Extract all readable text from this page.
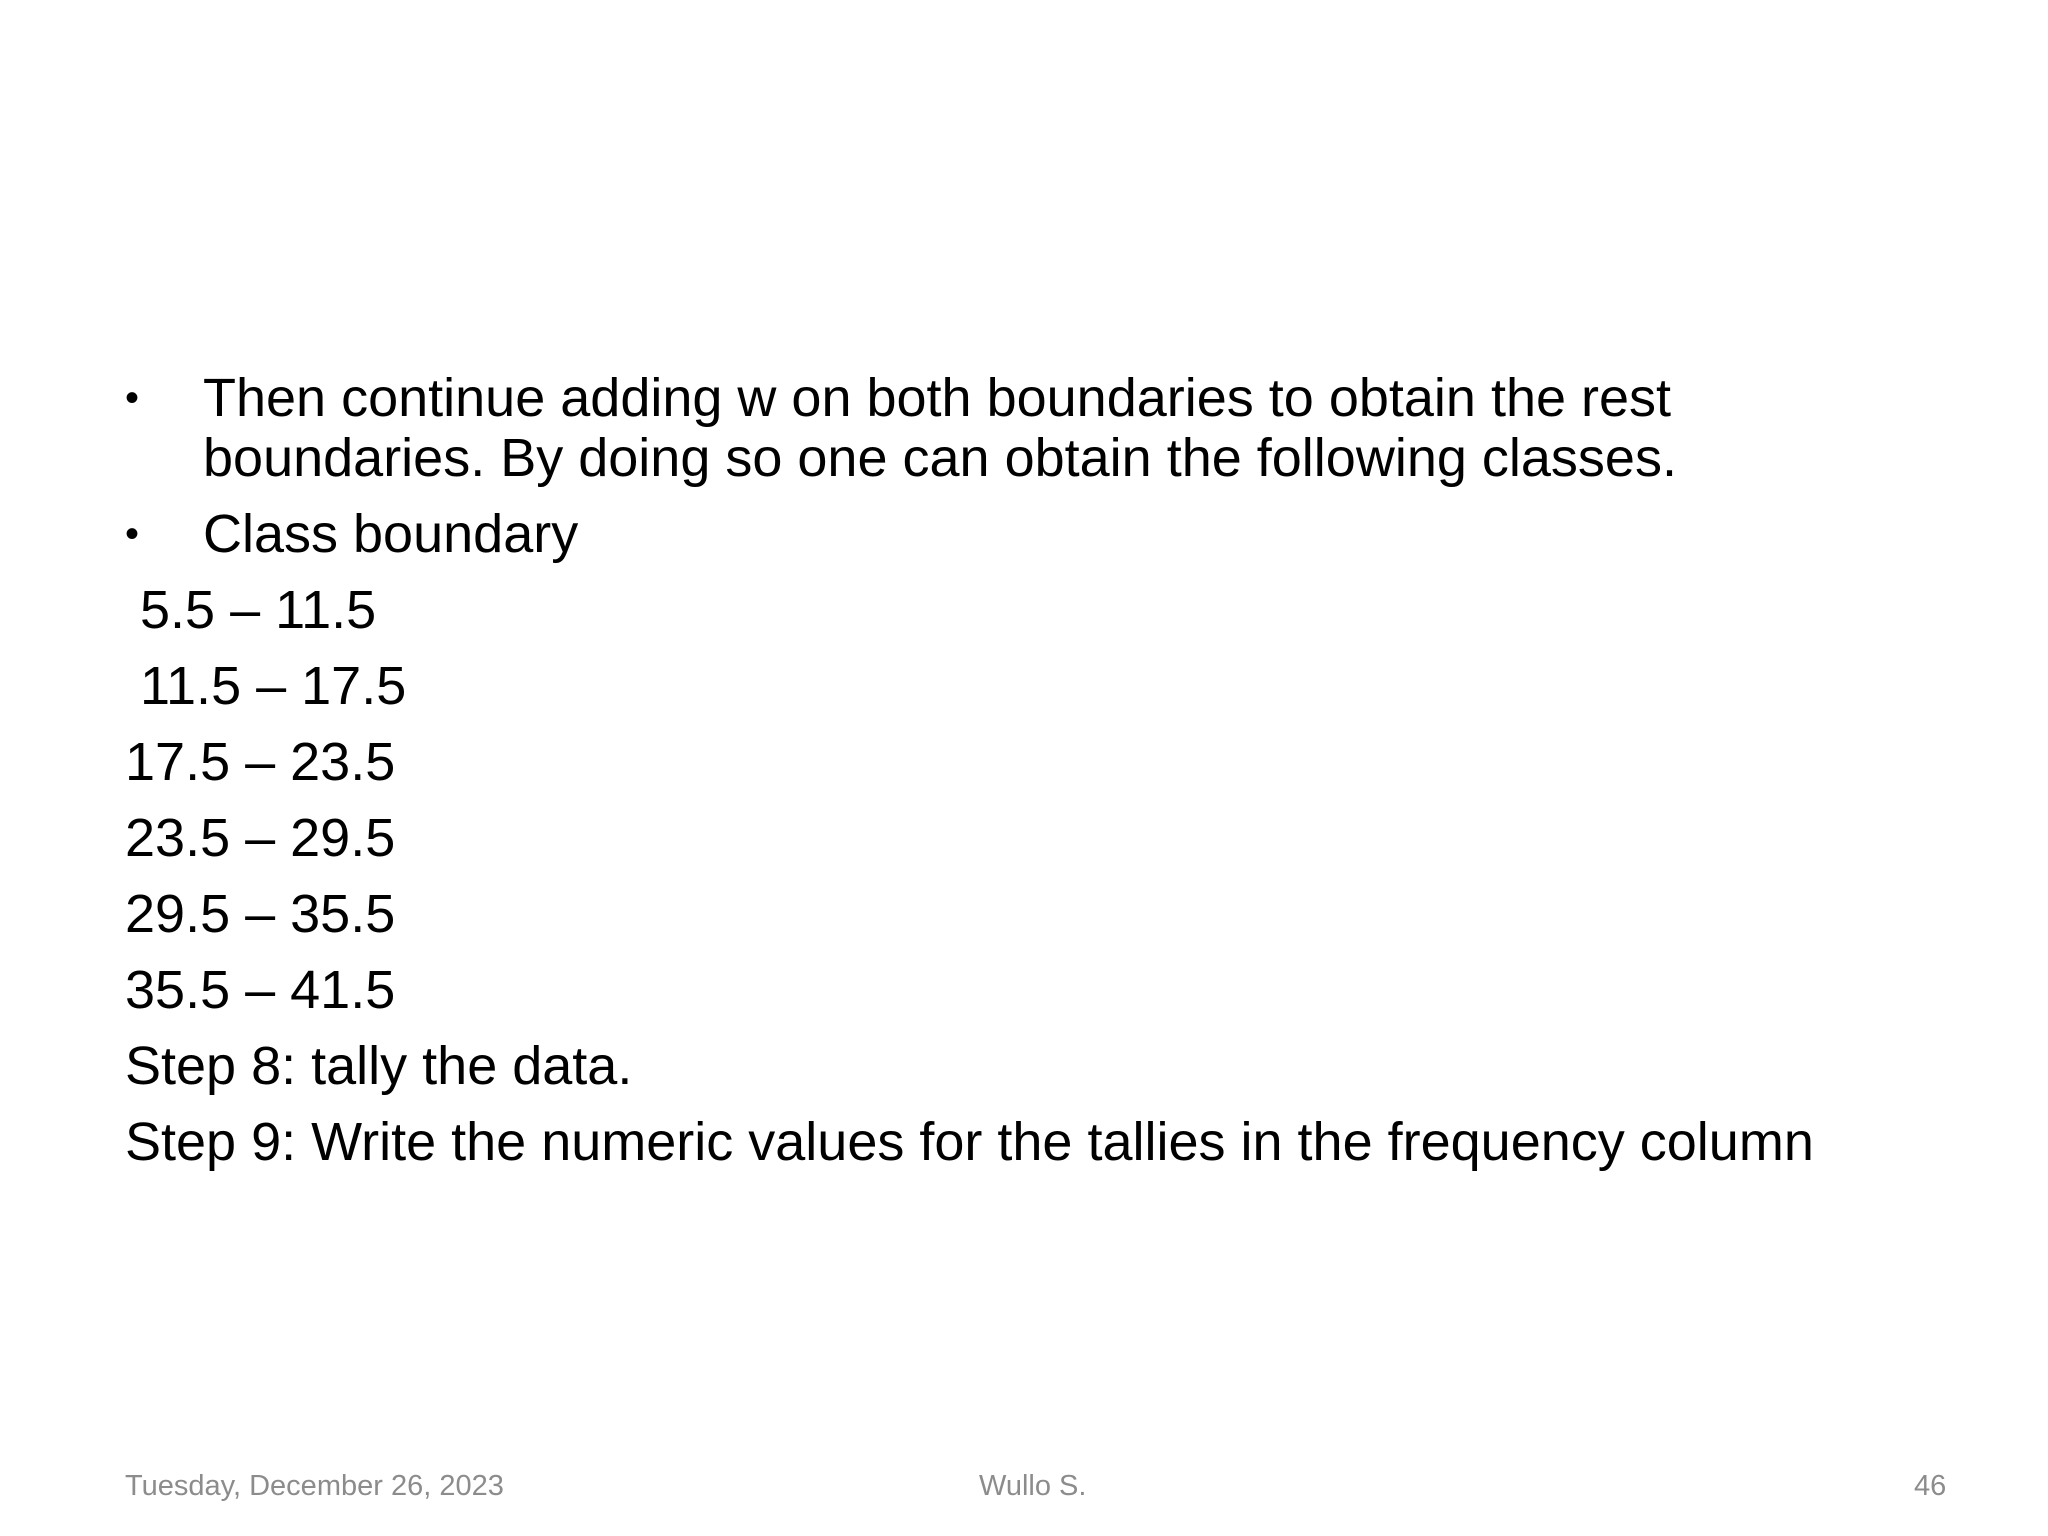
•	Then continue adding w on both boundaries to obtain the rest boundaries. By doing so one can obtain the following classes.

•	Class boundary

5.5 – 11.5

11.5 – 17.5

17.5 – 23.5

23.5 – 29.5

29.5 – 35.5

35.5 – 41.5

Step 8: tally the data.

Step 9: Write the numeric values for the tallies in the frequency column

Tuesday, December 26, 2023	Wullo S.	46
